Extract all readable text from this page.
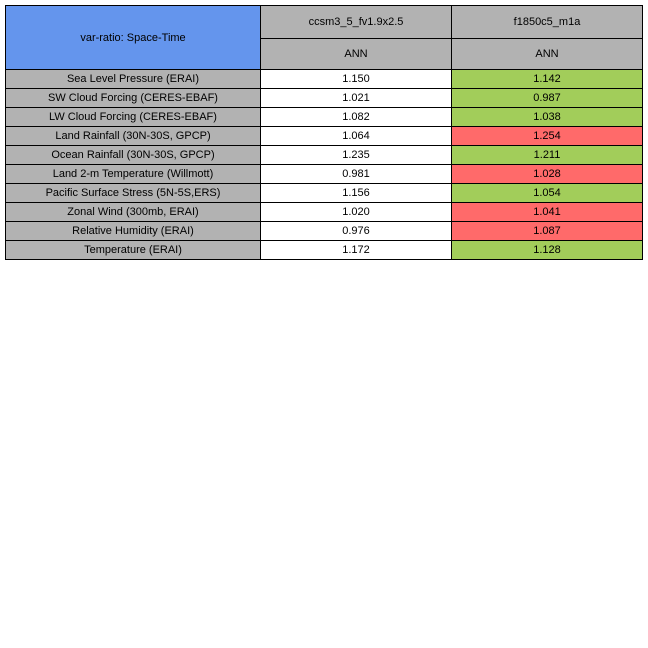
var-ratio: Space-Time	ccsm3_5_fv1.9x2.5	f1850c5_m1a
	ANN	ANN
Sea Level Pressure (ERAI)	1.150	1.142
SW Cloud Forcing (CERES-EBAF)	1.021	0.987
LW Cloud Forcing (CERES-EBAF)	1.082	1.038
Land Rainfall (30N-30S, GPCP)	1.064	1.254
Ocean Rainfall (30N-30S, GPCP)	1.235	1.211
Land 2-m Temperature (Willmott)	0.981	1.028
Pacific Surface Stress (5N-5S,ERS)	1.156	1.054
Zonal Wind (300mb, ERAI)	1.020	1.041
Relative Humidity (ERAI)	0.976	1.087
Temperature (ERAI)	1.172	1.128
